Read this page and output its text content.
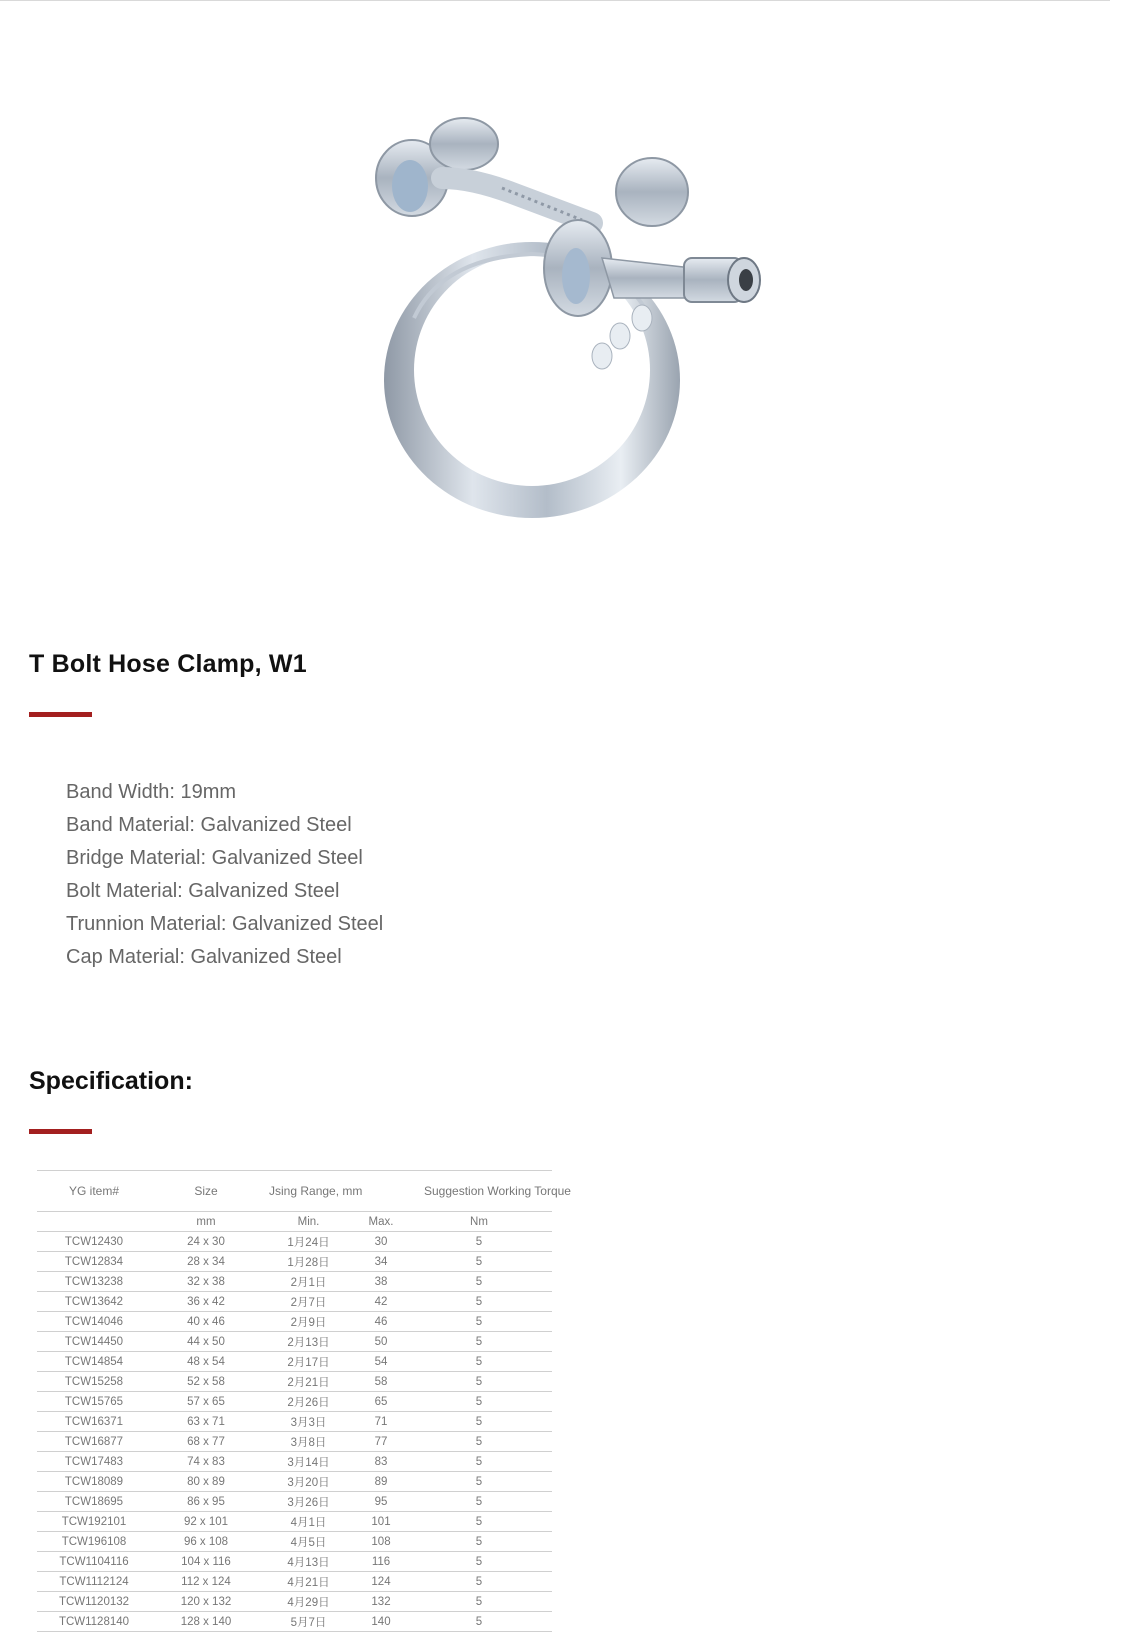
T Bolt Hose Clamp, W1
Band Width: 19mm
Band Material: Galvanized Steel
Bridge Material: Galvanized Steel
Bolt Material: Galvanized Steel
Trunnion Material: Galvanized Steel
Cap Material: Galvanized Steel
Specification:
YG item#	Size	Jsing Range, mm		Suggestion Working Torque
	mm	Min.	Max.	Nm
TCW12430	24 x 30	1月24日	30	5
TCW12834	28 x 34	1月28日	34	5
TCW13238	32 x 38	2月1日	38	5
TCW13642	36 x 42	2月7日	42	5
TCW14046	40 x 46	2月9日	46	5
TCW14450	44 x 50	2月13日	50	5
TCW14854	48 x 54	2月17日	54	5
TCW15258	52 x 58	2月21日	58	5
TCW15765	57 x 65	2月26日	65	5
TCW16371	63 x 71	3月3日	71	5
TCW16877	68 x 77	3月8日	77	5
TCW17483	74 x 83	3月14日	83	5
TCW18089	80 x 89	3月20日	89	5
TCW18695	86 x 95	3月26日	95	5
TCW192101	92 x 101	4月1日	101	5
TCW196108	96 x 108	4月5日	108	5
TCW1104116	104 x 116	4月13日	116	5
TCW1112124	112 x 124	4月21日	124	5
TCW1120132	120 x 132	4月29日	132	5
TCW1128140	128 x 140	5月7日	140	5
